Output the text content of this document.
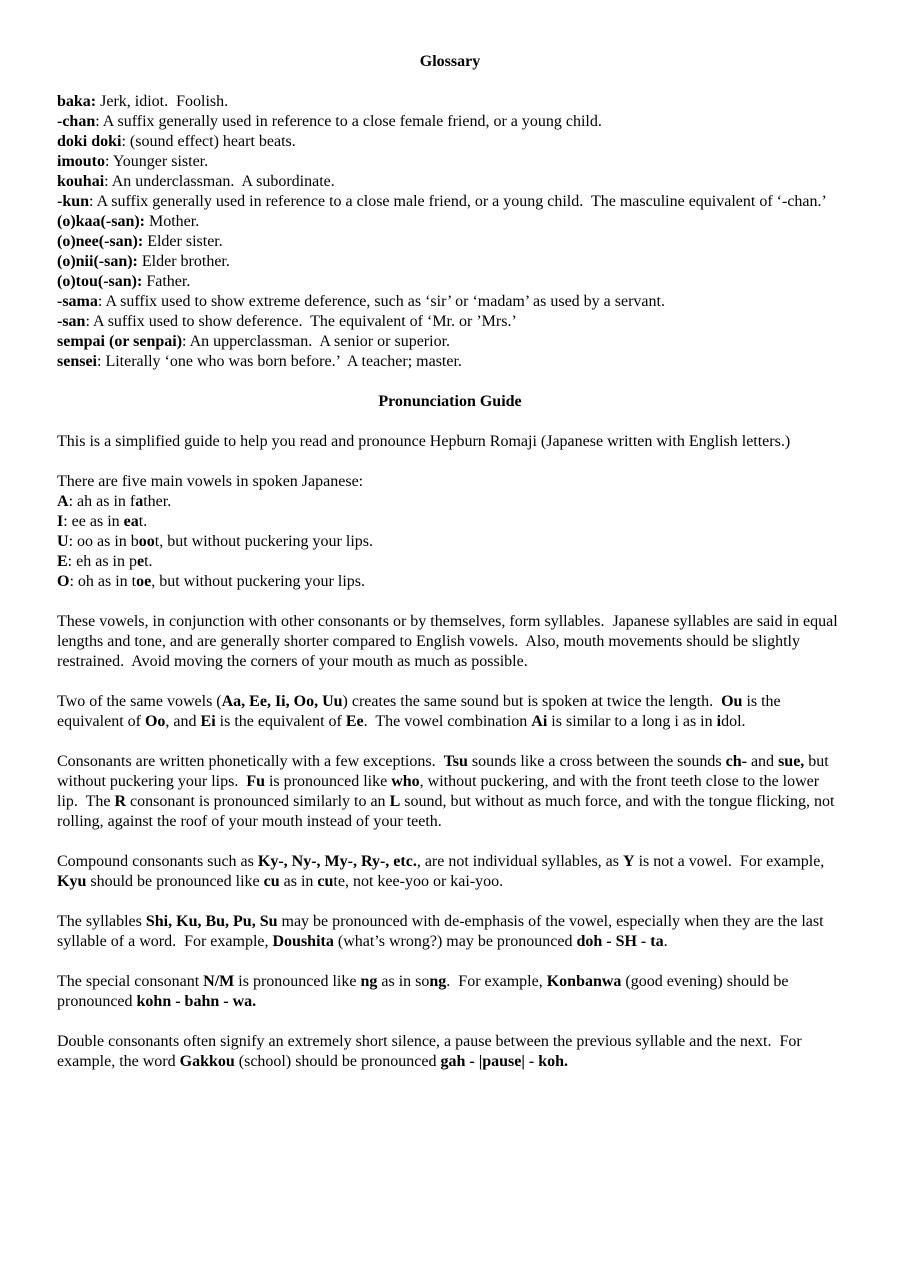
Glossary
baka: Jerk, idiot.  Foolish.
-chan: A suffix generally used in reference to a close female friend, or a young child.
doki doki: (sound effect) heart beats.
imouto: Younger sister.
kouhai: An underclassman.  A subordinate.
-kun: A suffix generally used in reference to a close male friend, or a young child.  The masculine equivalent of ‘-chan.’
(o)kaa(-san): Mother.
(o)nee(-san): Elder sister.
(o)nii(-san): Elder brother.
(o)tou(-san): Father.
-sama: A suffix used to show extreme deference, such as ‘sir’ or ‘madam’ as used by a servant.
-san: A suffix used to show deference.  The equivalent of ‘Mr. or ’Mrs.’
sempai (or senpai): An upperclassman.  A senior or superior.
sensei: Literally ‘one who was born before.’  A teacher; master.
Pronunciation Guide
This is a simplified guide to help you read and pronounce Hepburn Romaji (Japanese written with English letters.)
There are five main vowels in spoken Japanese:
A: ah as in father.
I: ee as in eat.
U: oo as in boot, but without puckering your lips.
E: eh as in pet.
O: oh as in toe, but without puckering your lips.
These vowels, in conjunction with other consonants or by themselves, form syllables.  Japanese syllables are said in equal lengths and tone, and are generally shorter compared to English vowels.  Also, mouth movements should be slightly restrained.  Avoid moving the corners of your mouth as much as possible.
Two of the same vowels (Aa, Ee, Ii, Oo, Uu) creates the same sound but is spoken at twice the length.  Ou is the equivalent of Oo, and Ei is the equivalent of Ee.  The vowel combination Ai is similar to a long i as in idol.
Consonants are written phonetically with a few exceptions.  Tsu sounds like a cross between the sounds ch- and sue, but without puckering your lips.  Fu is pronounced like who, without puckering, and with the front teeth close to the lower lip.  The R consonant is pronounced similarly to an L sound, but without as much force, and with the tongue flicking, not rolling, against the roof of your mouth instead of your teeth.
Compound consonants such as Ky-, Ny-, My-, Ry-, etc., are not individual syllables, as Y is not a vowel.  For example, Kyu should be pronounced like cu as in cute, not kee-yoo or kai-yoo.
The syllables Shi, Ku, Bu, Pu, Su may be pronounced with de-emphasis of the vowel, especially when they are the last syllable of a word.  For example, Doushita (what’s wrong?) may be pronounced doh - SH - ta.
The special consonant N/M is pronounced like ng as in song.  For example, Konbanwa (good evening) should be pronounced kohn - bahn - wa.
Double consonants often signify an extremely short silence, a pause between the previous syllable and the next.  For example, the word Gakkou (school) should be pronounced gah - |pause| - koh.
